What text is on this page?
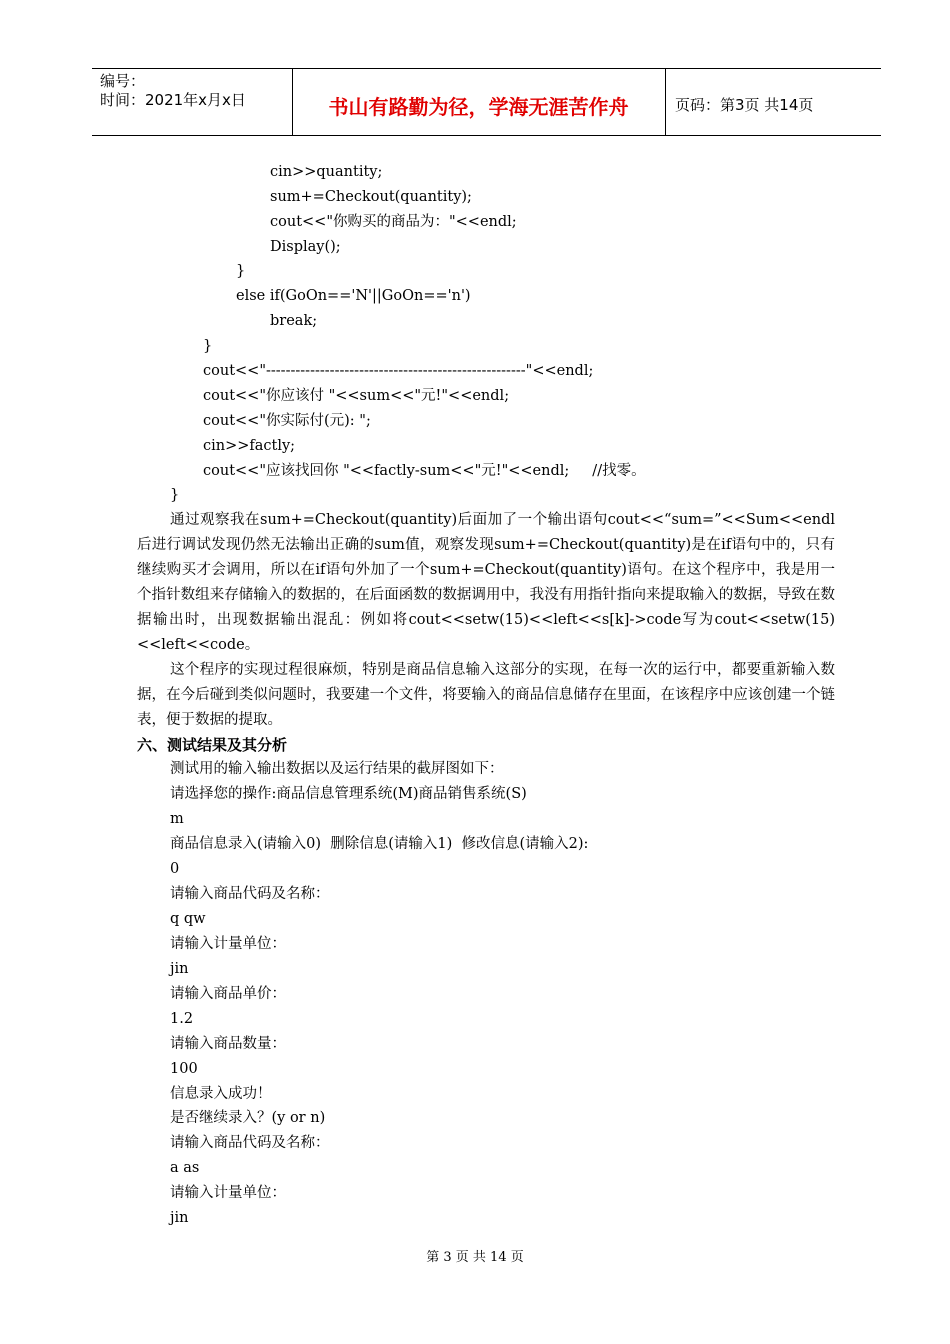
编号：
时间：2021年x月x日	书山有路勤为径，学海无涯苦作舟	页码：第3页 共14页
cin>>quantity;
sum+=Checkout(quantity);
cout<<"你购买的商品为："<<endl;
Display();
}
else if(GoOn=='N'||GoOn=='n')
break;
}
cout<<"-----------------------------------------------------"<<endl;
cout<<"你应该付 "<<sum<<"元!"<<endl;
cout<<"你实际付(元): ";
cin>>factly;
cout<<"应该找回你 "<<factly-sum<<"元!"<<endl;     //找零。
}
通过观察我在sum+=Checkout(quantity)后面加了一个输出语句cout<<“sum=”<<Sum<<endl后进行调试发现仍然无法输出正确的sum值，观察发现sum+=Checkout(quantity)是在if语句中的，只有继续购买才会调用，所以在if语句外加了一个sum+=Checkout(quantity)语句。在这个程序中，我是用一个指针数组来存储输入的数据的，在后面函数的数据调用中，我没有用指针指向来提取输入的数据，导致在数据输出时，出现数据输出混乱：例如将cout<<setw(15)<<left<<s[k]->code写为cout<<setw(15)<<left<<code。
这个程序的实现过程很麻烦，特别是商品信息输入这部分的实现，在每一次的运行中，都要重新输入数据，在今后碰到类似问题时，我要建一个文件，将要输入的商品信息储存在里面，在该程序中应该创建一个链表，便于数据的提取。
六、测试结果及其分析
测试用的输入输出数据以及运行结果的截屏图如下：
请选择您的操作:商品信息管理系统(M)商品销售系统(S)
m
商品信息录入(请输入0)  删除信息(请输入1)  修改信息(请输入2):
0
请输入商品代码及名称：
q qw
请输入计量单位：
jin
请输入商品单价：
1.2
请输入商品数量：
100
信息录入成功！
是否继续录入？(y or n)
请输入商品代码及名称：
a as
请输入计量单位：
jin
第 3 页 共 14 页
